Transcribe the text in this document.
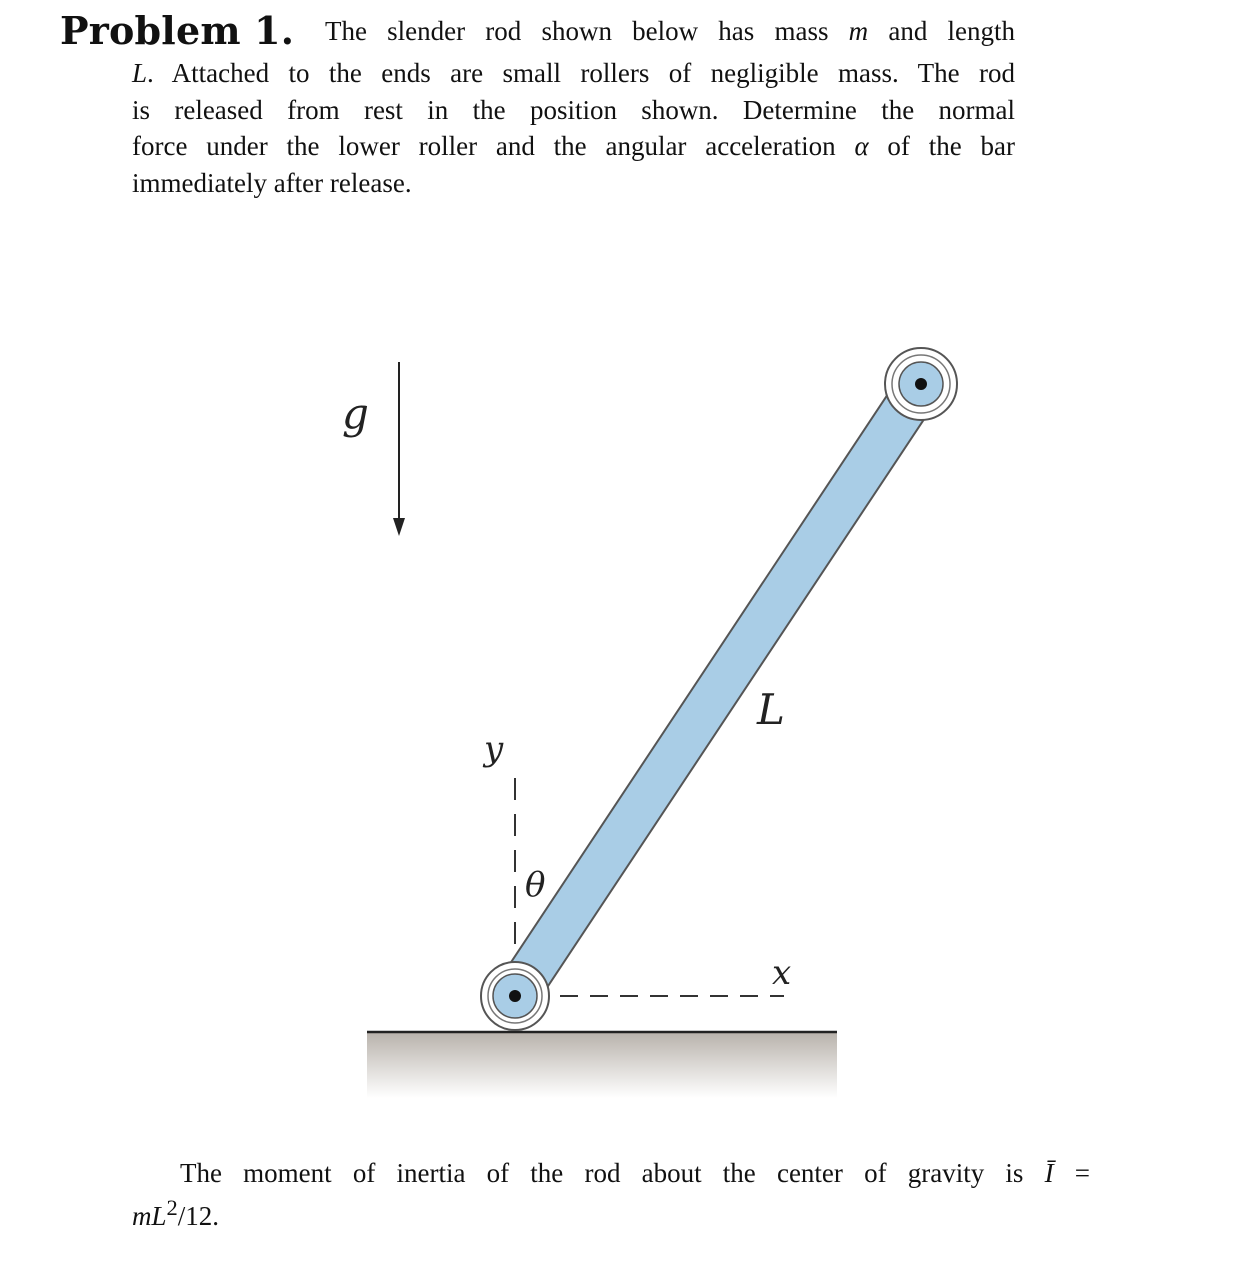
Problem 1.	The slender rod shown below has mass m and length
L. Attached to the ends are small rollers of negligible mass. The rod
is released from rest in the position shown. Determine the normal
force under the lower roller and the angular acceleration α of the bar
immediately after release.
g
L
y
x
θ
The moment of inertia of the rod about the center of gravity is Ī =
$mL^2/12$.
